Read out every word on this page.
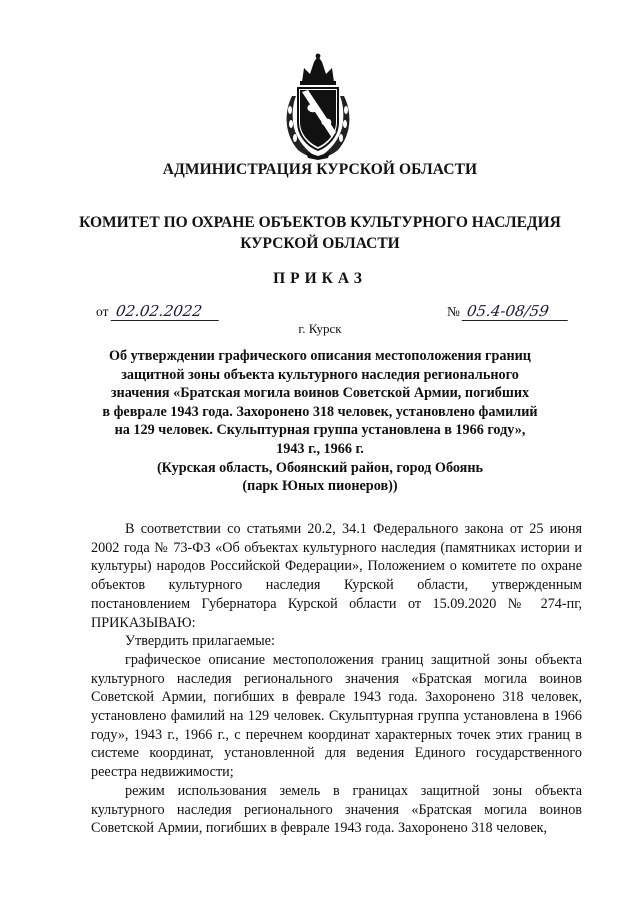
АДМИНИСТРАЦИЯ КУРСКОЙ ОБЛАСТИ
КОМИТЕТ ПО ОХРАНЕ ОБЪЕКТОВ КУЛЬТУРНОГО НАСЛЕДИЯ
КУРСКОЙ ОБЛАСТИ
ПРИКАЗ
от 02.02.2022	№ 05.4-08/59
г. Курск
Об утверждении графического описания местоположения границ
защитной зоны объекта культурного наследия регионального
значения «Братская могила воинов Советской Армии, погибших
в феврале 1943 года. Захоронено 318 человек, установлено фамилий
на 129 человек. Скульптурная группа установлена в 1966 году»,
1943 г., 1966 г.
(Курская область, Обоянский район, город Обоянь
(парк Юных пионеров))

В соответствии со статьями 20.2, 34.1 Федерального закона от 25 июня 2002 года № 73-ФЗ «Об объектах культурного наследия (памятниках истории и культуры) народов Российской Федерации», Положением о комитете по охране объектов культурного наследия Курской области, утвержденным постановлением Губернатора Курской области от 15.09.2020 № 274-пг, ПРИКАЗЫВАЮ:

Утвердить прилагаемые:

графическое описание местоположения границ защитной зоны объекта культурного наследия регионального значения «Братская могила воинов Советской Армии, погибших в феврале 1943 года. Захоронено 318 человек, установлено фамилий на 129 человек. Скульптурная группа установлена в 1966 году», 1943 г., 1966 г., с перечнем координат характерных точек этих границ в системе координат, установленной для ведения Единого государственного реестра недвижимости;

режим использования земель в границах защитной зоны объекта культурного наследия регионального значения «Братская могила воинов Советской Армии, погибших в феврале 1943 года. Захоронено 318 человек,
